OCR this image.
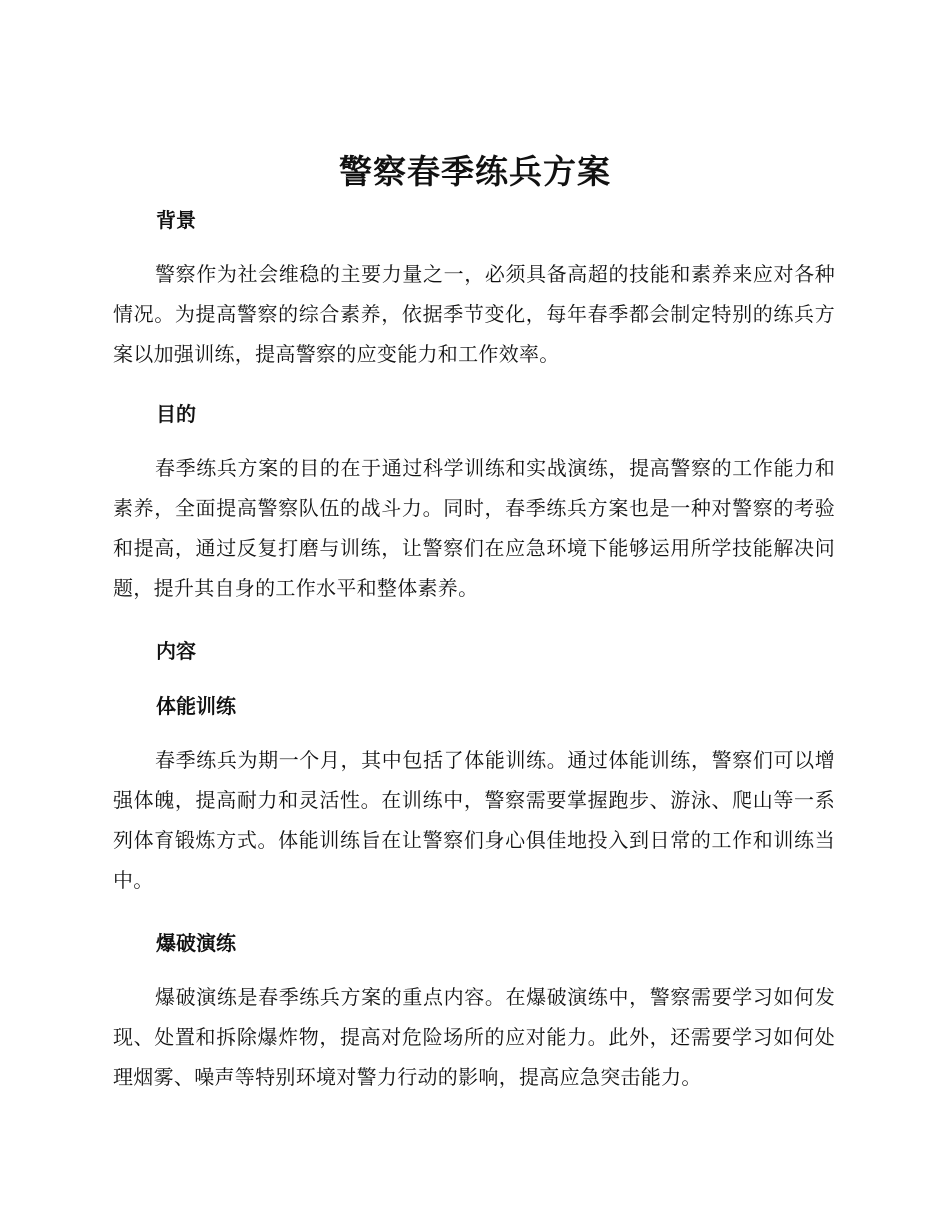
警察春季练兵方案
背景
警察作为社会维稳的主要力量之一，必须具备高超的技能和素养来应对各种情况。为提高警察的综合素养，依据季节变化，每年春季都会制定特别的练兵方案以加强训练，提高警察的应变能力和工作效率。
目的
春季练兵方案的目的在于通过科学训练和实战演练，提高警察的工作能力和素养，全面提高警察队伍的战斗力。同时，春季练兵方案也是一种对警察的考验和提高，通过反复打磨与训练，让警察们在应急环境下能够运用所学技能解决问题，提升其自身的工作水平和整体素养。
内容
体能训练
春季练兵为期一个月，其中包括了体能训练。通过体能训练，警察们可以增强体魄，提高耐力和灵活性。在训练中，警察需要掌握跑步、游泳、爬山等一系列体育锻炼方式。体能训练旨在让警察们身心俱佳地投入到日常的工作和训练当中。
爆破演练
爆破演练是春季练兵方案的重点内容。在爆破演练中，警察需要学习如何发现、处置和拆除爆炸物，提高对危险场所的应对能力。此外，还需要学习如何处理烟雾、噪声等特别环境对警力行动的影响，提高应急突击能力。
